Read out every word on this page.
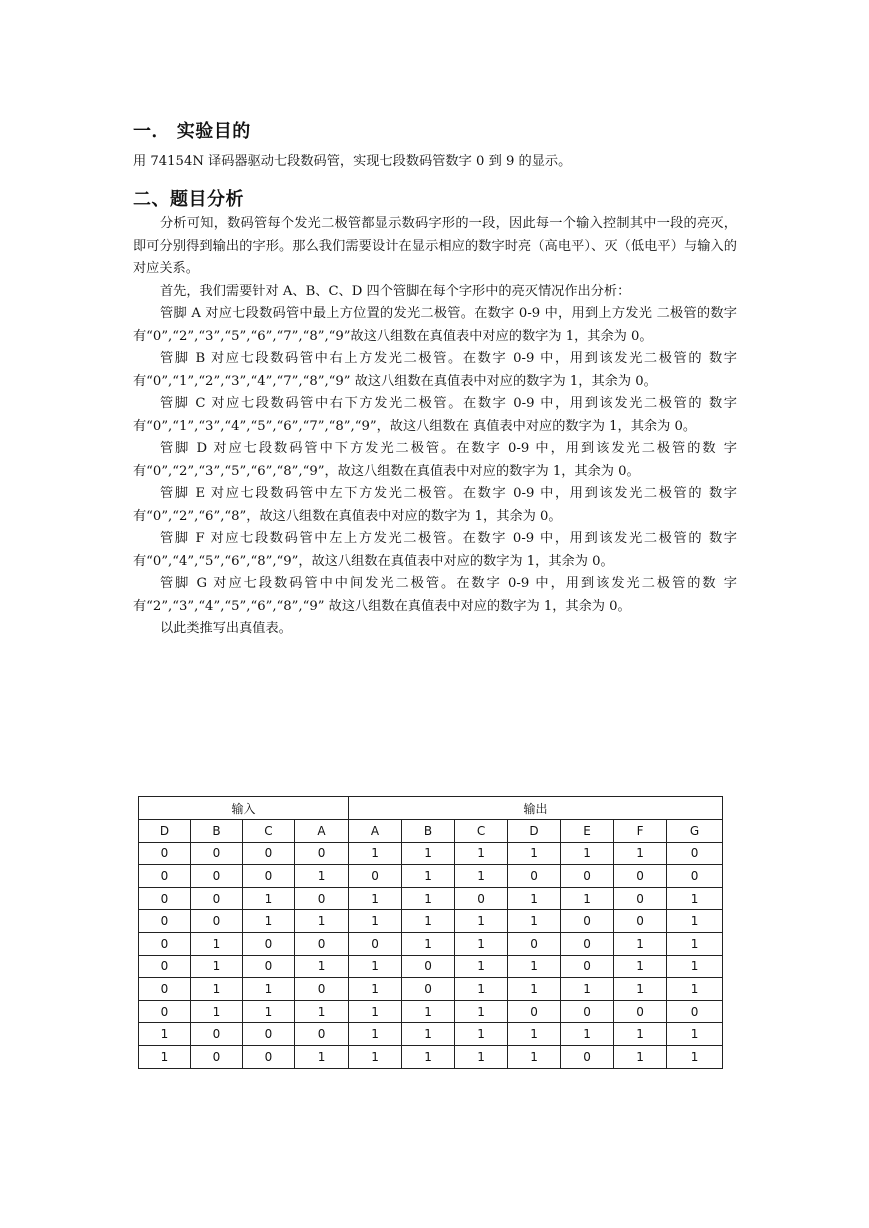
一． 实验目的
用 74154N 译码器驱动七段数码管，实现七段数码管数字 0 到 9 的显示。
二、题目分析

分析可知，数码管每个发光二极管都显示数码字形的一段，因此每一个输入控制其中一段的亮灭，即可分别得到输出的字形。那么我们需要设计在显示相应的数字时亮（高电平）、灭（低电平）与输入的对应关系。

首先，我们需要针对 A、B、C、D 四个管脚在每个字形中的亮灭情况作出分析：

管脚 A 对应七段数码管中最上方位置的发光二极管。在数字 0-9 中，用到上方发光 二极管的数字有“0”,“2”,“3”,“5”,“6”,“7”,“8”,“9”故这八组数在真值表中对应的数字为 1，其余为 0。

管脚 B 对应七段数码管中右上方发光二极管。在数字 0-9 中，用到该发光二极管的 数字有“0”,“1”,“2”,“3”,“4”,“7”,“8”,“9” 故这八组数在真值表中对应的数字为 1，其余为 0。

管脚 C 对应七段数码管中右下方发光二极管。在数字 0-9 中，用到该发光二极管的 数字有“0”,“1”,“3”,“4”,“5”,“6”,“7”,“8”,“9”，故这八组数在 真值表中对应的数字为 1，其余为 0。

管脚 D 对应七段数码管中下方发光二极管。在数字 0-9 中，用到该发光二极管的数 字有“0”,“2”,“3”,“5”,“6”,“8”,“9”，故这八组数在真值表中对应的数字为 1，其余为 0。

管脚 E 对应七段数码管中左下方发光二极管。在数字 0-9 中，用到该发光二极管的 数字有“0”,“2”,“6”,“8”，故这八组数在真值表中对应的数字为 1，其余为 0。

管脚 F 对应七段数码管中左上方发光二极管。在数字 0-9 中，用到该发光二极管的 数字有“0”,“4”,“5”,“6”,“8”,“9”，故这八组数在真值表中对应的数字为 1，其余为 0。

管脚 G 对应七段数码管中中间发光二极管。在数字 0-9 中，用到该发光二极管的数 字有“2”,“3”,“4”,“5”,“6”,“8”,“9” 故这八组数在真值表中对应的数字为 1，其余为 0。

以此类推写出真值表。

输入				输出						
D	B	C	A	A	B	C	D	E	F	G
0	0	0	0	1	1	1	1	1	1	0
0	0	0	1	0	1	1	0	0	0	0
0	0	1	0	1	1	0	1	1	0	1
0	0	1	1	1	1	1	1	0	0	1
0	1	0	0	0	1	1	0	0	1	1
0	1	0	1	1	0	1	1	0	1	1
0	1	1	0	1	0	1	1	1	1	1
0	1	1	1	1	1	1	0	0	0	0
1	0	0	0	1	1	1	1	1	1	1
1	0	0	1	1	1	1	1	0	1	1
